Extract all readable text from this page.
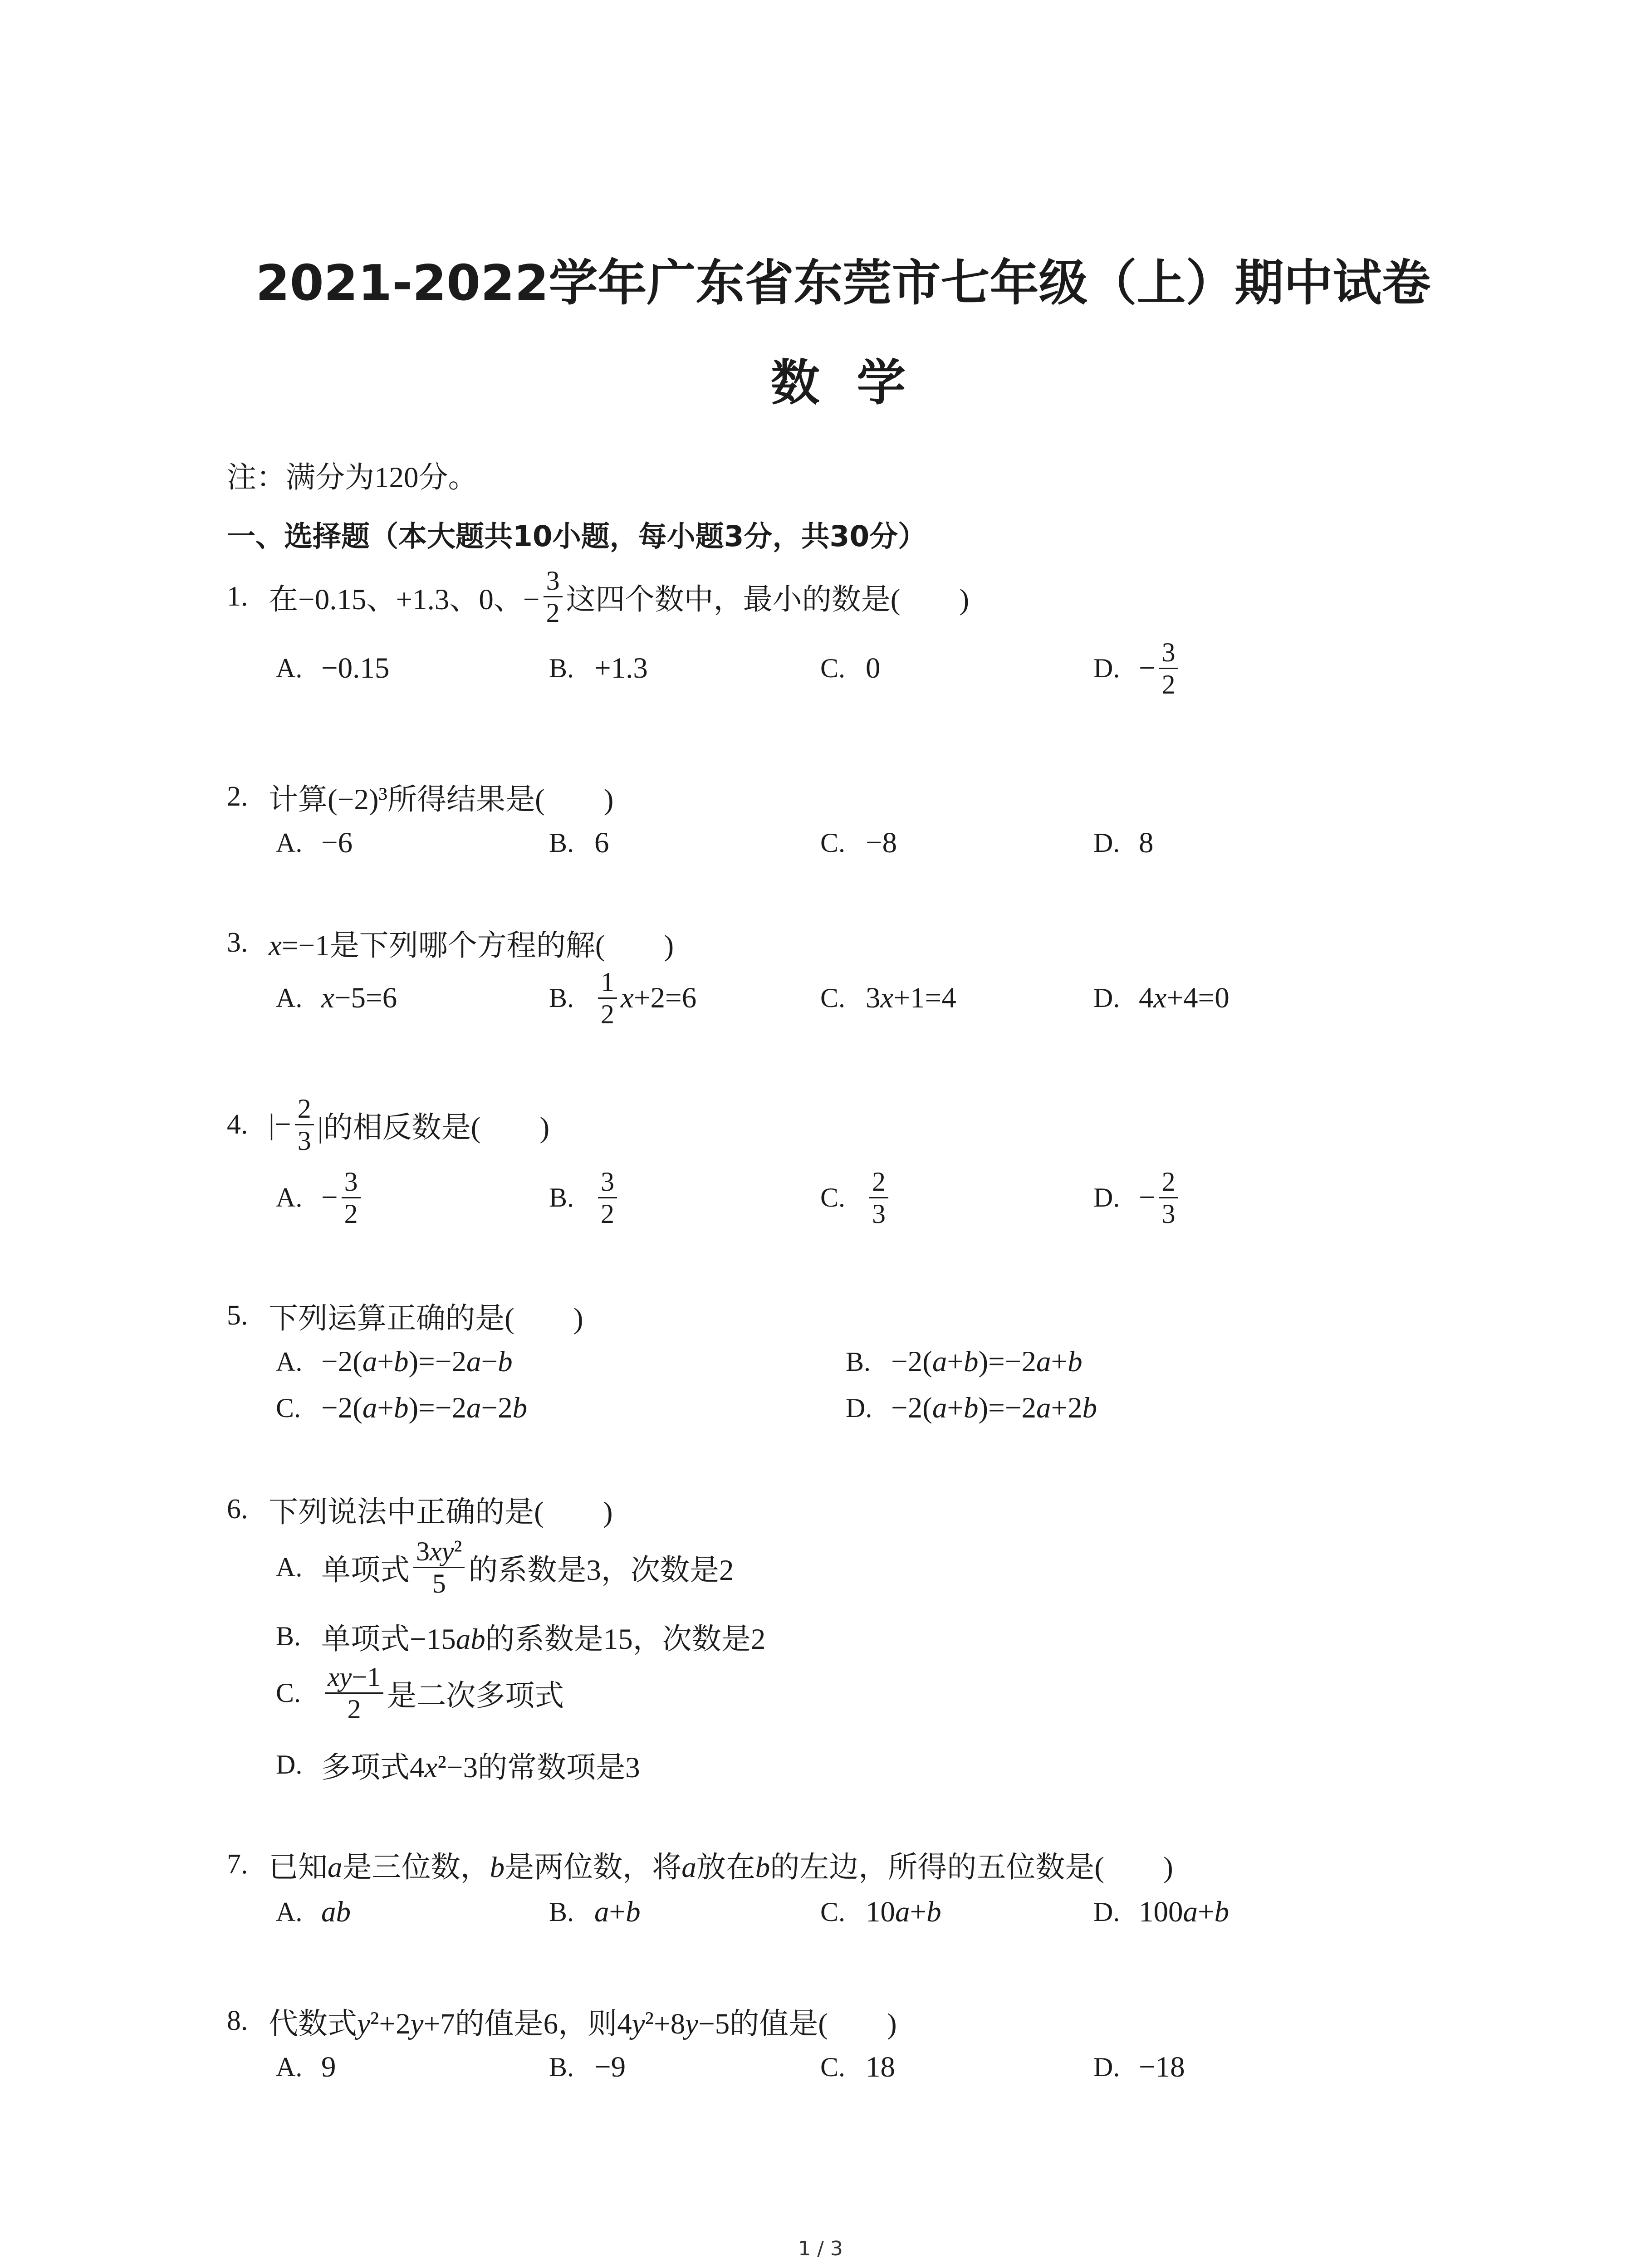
2021-2022学年广东省东莞市七年级（上）期中试卷
数 学
注：满分为120分。
一、选择题（本大题共10小题，每小题3分，共30分）
1. 在−0.15、+1.3、0、− $\frac{3}{2}$ 这四个数中，最小的数是(　　 )
A. −0.15	B. +1.3	C. 0	D. − $\frac{3}{2}$
2. 计算(−2)³所得结果是(　　 )
A. −6	B. 6	C. −8	D. 8
3. x=−1是下列哪个方程的解(　　 )
A. x−5=6	B. $\frac{1}{2} x+2=6$	C. 3x+1=4	D. 4x+4=0
4. |− $\frac{2}{3}$ |的相反数是(　　 )
A. − $\frac{3}{2}$	B. $\frac{3}{2}$	C. $\frac{2}{3}$	D. − $\frac{2}{3}$
5. 下列运算正确的是(　　 )
A. −2(a+b)=−2a−b	B. −2(a+b)=−2a+b
C. −2(a+b)=−2a−2b	D. −2(a+b)=−2a+2b
6. 下列说法中正确的是(　　 )
A. 单项式 $\frac{\text{3xy²}}{5}$ 的系数是3，次数是2
B. 单项式−15ab的系数是15，次数是2
C. $\frac{xy-1}{2}$ 是二次多项式
D. 多项式4x²−3的常数项是3
7. 已知a是三位数，b是两位数，将a放在b的左边，所得的五位数是(　　 )
A. ab	B. a+b	C. 10a+b	D. 100a+b
8. 代数式y²+2y+7的值是6，则4y²+8y−5的值是(　　 )
A. 9	B. −9	C. 18	D. −18
1 / 3
